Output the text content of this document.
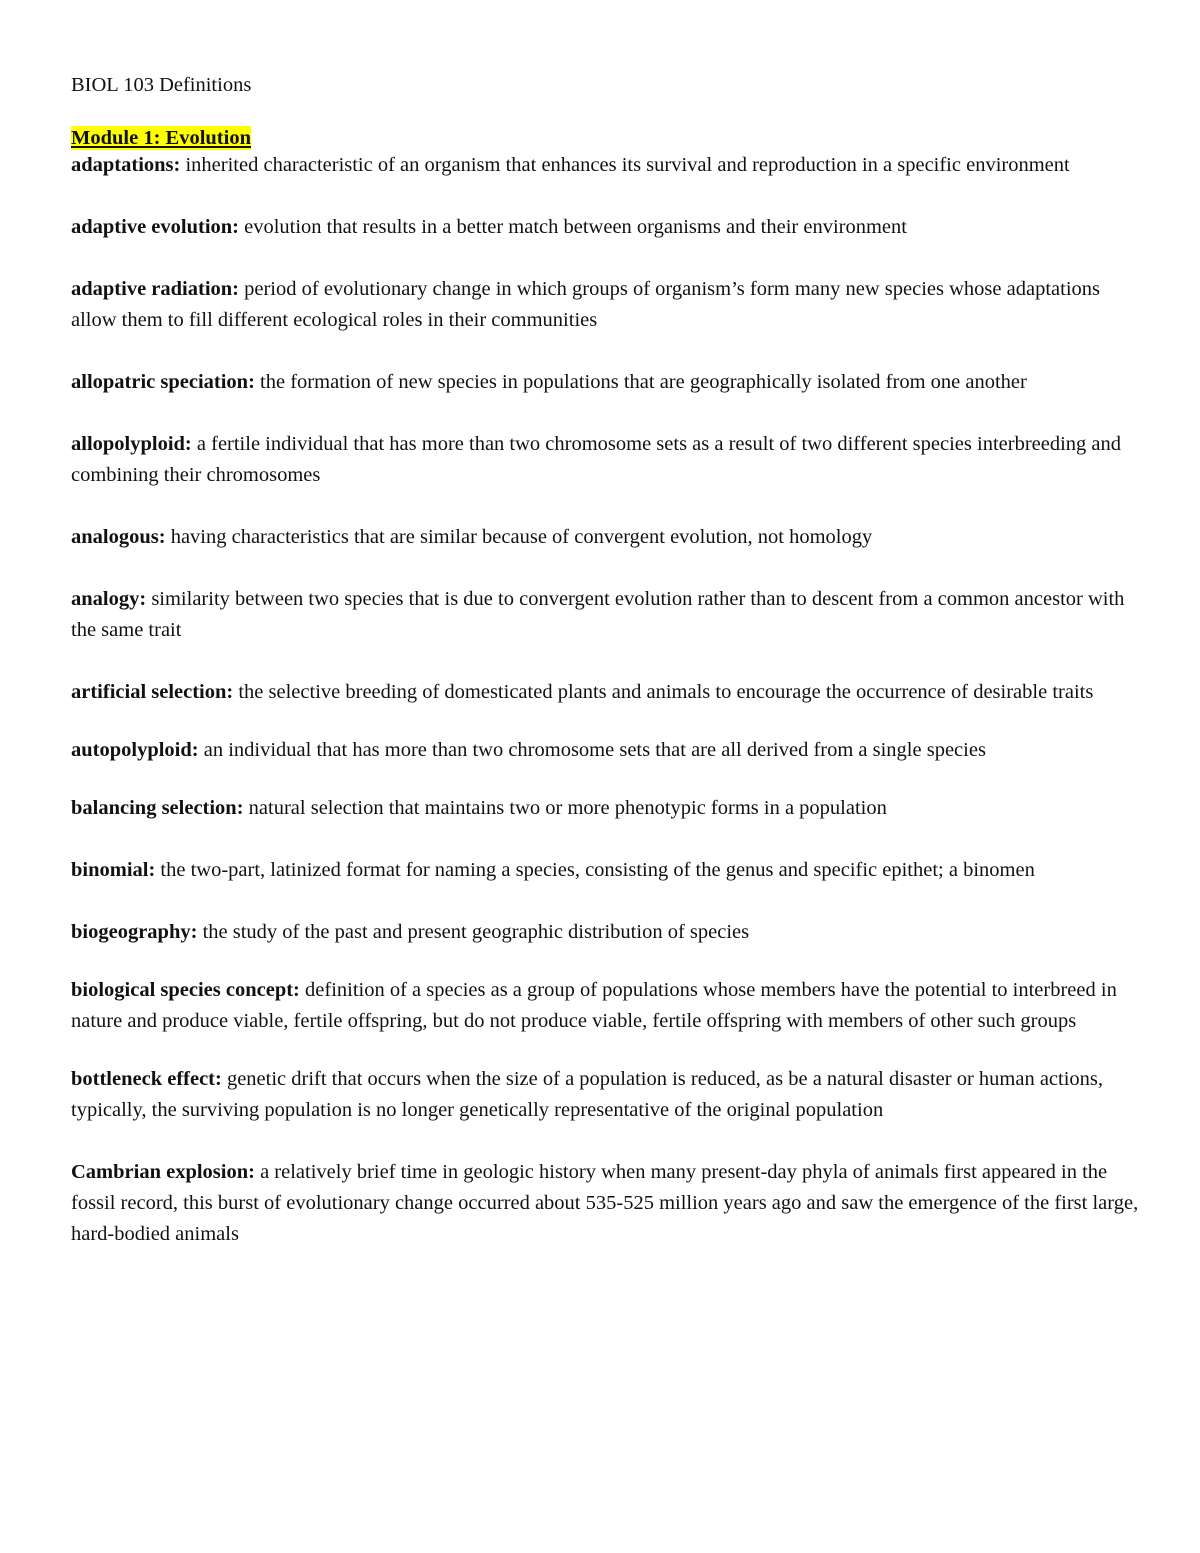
BIOL 103 Definitions

Module 1: Evolution

adaptations: inherited characteristic of an organism that enhances its survival and reproduction in a specific environment

adaptive evolution: evolution that results in a better match between organisms and their environment

adaptive radiation: period of evolutionary change in which groups of organism’s form many new species whose adaptations allow them to fill different ecological roles in their communities

allopatric speciation: the formation of new species in populations that are geographically isolated from one another

allopolyploid: a fertile individual that has more than two chromosome sets as a result of two different species interbreeding and combining their chromosomes

analogous: having characteristics that are similar because of convergent evolution, not homology

analogy: similarity between two species that is due to convergent evolution rather than to descent from a common ancestor with the same trait

artificial selection: the selective breeding of domesticated plants and animals to encourage the occurrence of desirable traits

autopolyploid: an individual that has more than two chromosome sets that are all derived from a single species

balancing selection: natural selection that maintains two or more phenotypic forms in a population

binomial: the two-part, latinized format for naming a species, consisting of the genus and specific epithet; a binomen

biogeography: the study of the past and present geographic distribution of species

biological species concept: definition of a species as a group of populations whose members have the potential to interbreed in nature and produce viable, fertile offspring, but do not produce viable, fertile offspring with members of other such groups

bottleneck effect: genetic drift that occurs when the size of a population is reduced, as be a natural disaster or human actions, typically, the surviving population is no longer genetically representative of the original population

Cambrian explosion: a relatively brief time in geologic history when many present-day phyla of animals first appeared in the fossil record, this burst of evolutionary change occurred about 535-525 million years ago and saw the emergence of the first large, hard-bodied animals
